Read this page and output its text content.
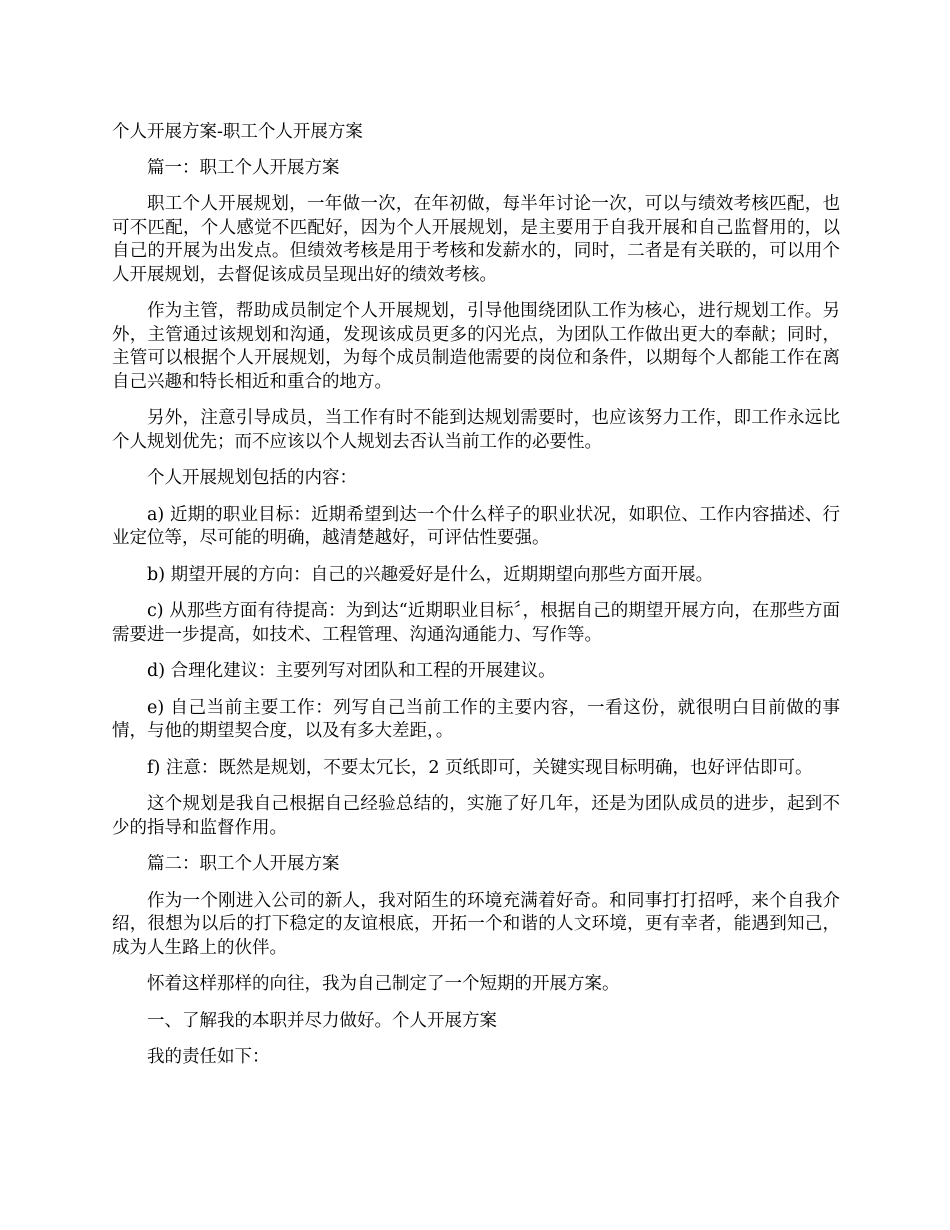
个人开展方案-职工个人开展方案

篇一：职工个人开展方案

职工个人开展规划，一年做一次，在年初做，每半年讨论一次，可以与绩效考核匹配，也可不匹配，个人感觉不匹配好，因为个人开展规划，是主要用于自我开展和自己监督用的，以自己的开展为出发点。但绩效考核是用于考核和发薪水的，同时，二者是有关联的，可以用个人开展规划，去督促该成员呈现出好的绩效考核。

作为主管，帮助成员制定个人开展规划，引导他围绕团队工作为核心，进行规划工作。另外，主管通过该规划和沟通，发现该成员更多的闪光点，为团队工作做出更大的奉献；同时，主管可以根据个人开展规划，为每个成员制造他需要的岗位和条件，以期每个人都能工作在离自己兴趣和特长相近和重合的地方。

另外，注意引导成员，当工作有时不能到达规划需要时，也应该努力工作，即工作永远比个人规划优先；而不应该以个人规划去否认当前工作的必要性。

个人开展规划包括的内容：

a) 近期的职业目标：近期希望到达一个什么样子的职业状况，如职位、工作内容描述、行业定位等，尽可能的明确，越清楚越好，可评估性要强。

b) 期望开展的方向：自己的兴趣爱好是什么，近期期望向那些方面开展。

c) 从那些方面有待提高：为到达“近期职业目标〞，根据自己的期望开展方向，在那些方面需要进一步提高，如技术、工程管理、沟通沟通能力、写作等。

d) 合理化建议：主要列写对团队和工程的开展建议。

e) 自己当前主要工作：列写自己当前工作的主要内容，一看这份，就很明白目前做的事情，与他的期望契合度，以及有多大差距，。

f) 注意：既然是规划，不要太冗长，2 页纸即可，关键实现目标明确，也好评估即可。

这个规划是我自己根据自己经验总结的，实施了好几年，还是为团队成员的进步，起到不少的指导和监督作用。

篇二：职工个人开展方案

作为一个刚进入公司的新人，我对陌生的环境充满着好奇。和同事打打招呼，来个自我介绍，很想为以后的打下稳定的友谊根底，开拓一个和谐的人文环境，更有幸者，能遇到知己，成为人生路上的伙伴。

怀着这样那样的向往，我为自己制定了一个短期的开展方案。

一、了解我的本职并尽力做好。个人开展方案

我的责任如下：
